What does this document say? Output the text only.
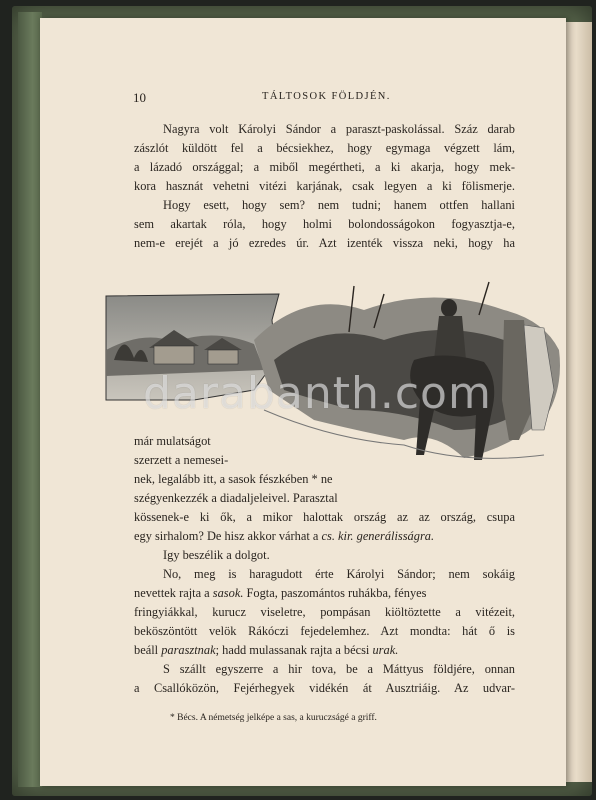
10	TÁLTOSOK FÖLDJÉN.
Nagyra volt Károlyi Sándor a paraszt-paskolással. Száz darab
zászlót küldött fel a bécsiekhez, hogy egymaga végzett lám,
a lázadó országgal; a miből megértheti, a ki akarja, hogy mek-
kora hasznát vehetni vitézi karjának, csak legyen a ki fölismerje.
Hogy esett, hogy sem? nem tudni; hanem ottfen hallani
sem akartak róla, hogy holmi bolondosságokon fogyasztja-e,
nem-e erejét a jó ezredes úr. Azt izenték vissza neki, hogy ha
darabanth.com
már mulatságot
szerzett a nemesei-
nek, legalább itt, a sasok fészkében * ne
szégyenkezzék a diadaljeleivel. Parasztal
kössenek-e ki ők, a mikor halottak ország az az ország, csupa
egy sirhalom? De hisz akkor várhat a cs. kir. generálisságra.
Igy beszélik a dolgot.
No, meg is haragudott érte Károlyi Sándor; nem sokáig
nevettek rajta a sasok. Fogta, paszomántos ruhákba, fényes
fringyiákkal, kurucz viseletre, pompásan kiöltöztette a vitézeit,
beköszöntött velök Rákóczi fejedelemhez. Azt mondta: hát ő is
beáll parasztnak; hadd mulassanak rajta a bécsi urak.
S szállt egyszerre a hir tova, be a Máttyus földjére, onnan
a Csallóközön, Fejérhegyek vidékén át Ausztriáig. Az udvar-
* Bécs. A németség jelképe a sas, a kuruczságé a griff.
